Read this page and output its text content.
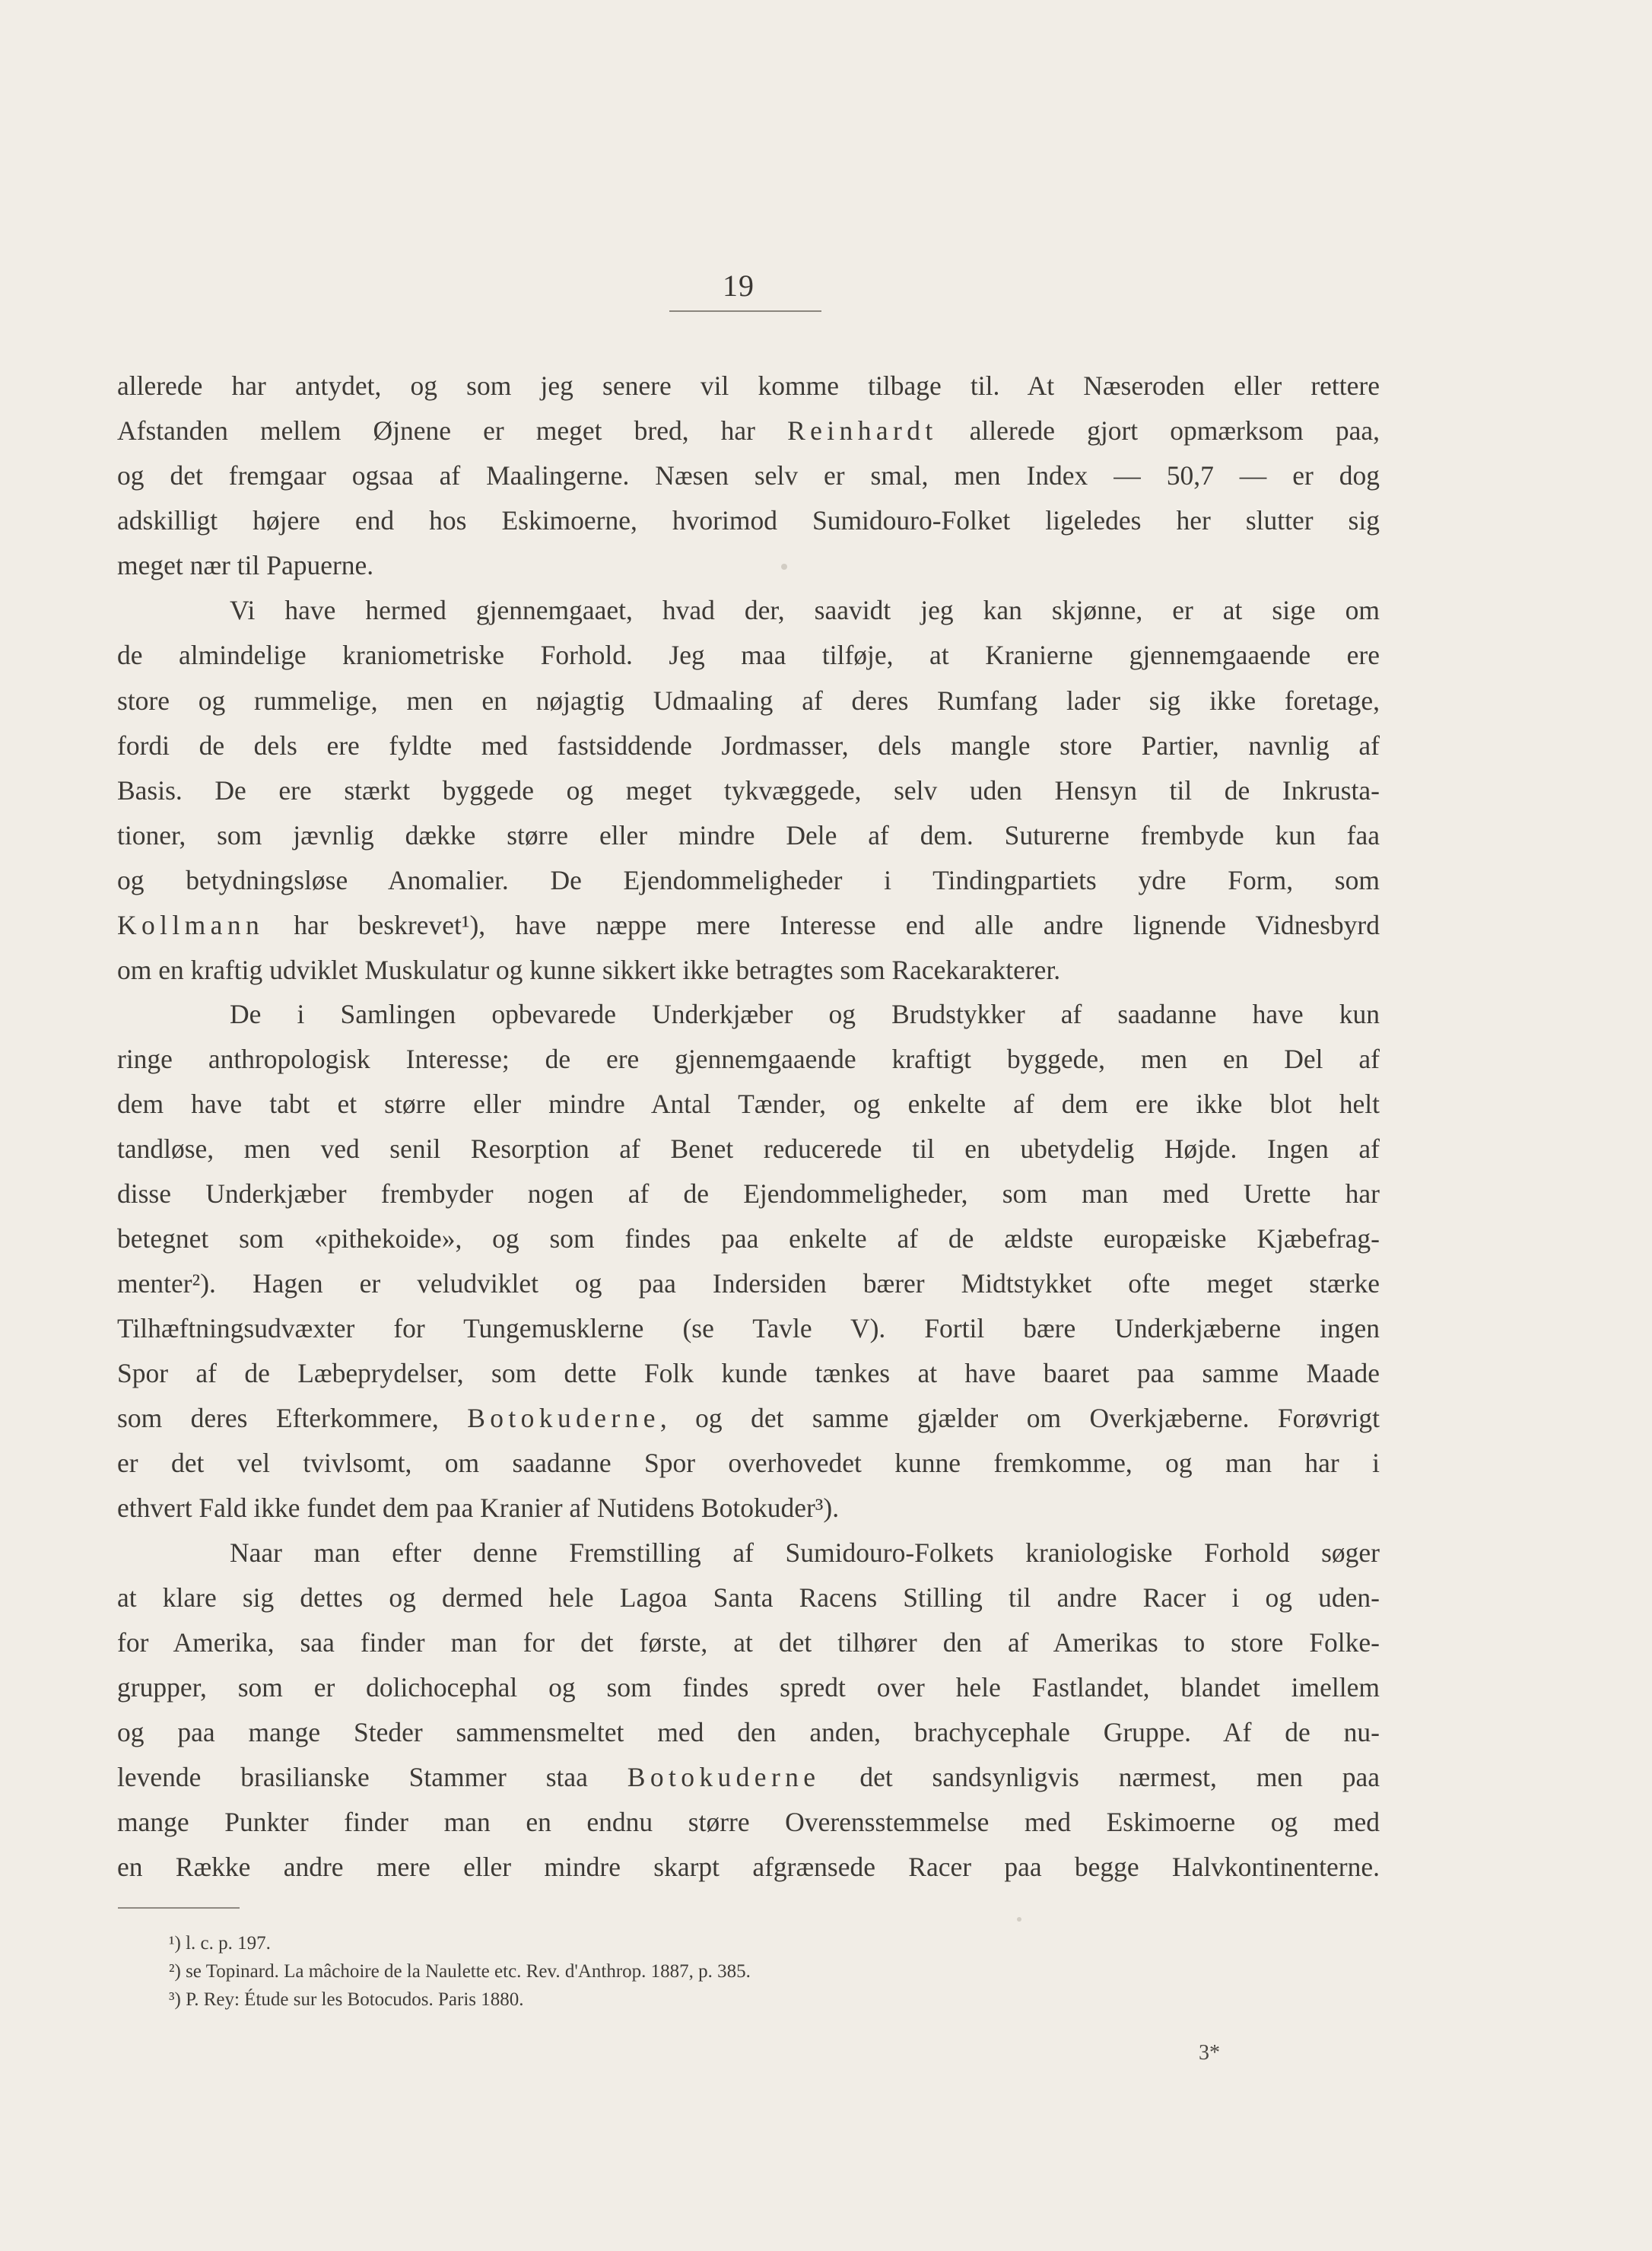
19
allerede har antydet, og som jeg senere vil komme tilbage til. At Næseroden eller rettere
Afstanden mellem Øjnene er meget bred, har Reinhardt allerede gjort opmærksom paa,
og det fremgaar ogsaa af Maalingerne. Næsen selv er smal, men Index — 50,7 — er dog
adskilligt højere end hos Eskimoerne, hvorimod Sumidouro-Folket ligeledes her slutter sig
meget nær til Papuerne.
Vi have hermed gjennemgaaet, hvad der, saavidt jeg kan skjønne, er at sige om
de almindelige kraniometriske Forhold. Jeg maa tilføje, at Kranierne gjennemgaaende ere
store og rummelige, men en nøjagtig Udmaaling af deres Rumfang lader sig ikke foretage,
fordi de dels ere fyldte med fastsiddende Jordmasser, dels mangle store Partier, navnlig af
Basis. De ere stærkt byggede og meget tykvæggede, selv uden Hensyn til de Inkrusta-
tioner, som jævnlig dække større eller mindre Dele af dem. Suturerne frembyde kun faa
og betydningsløse Anomalier. De Ejendommeligheder i Tindingpartiets ydre Form, som
Kollmann har beskrevet¹), have næppe mere Interesse end alle andre lignende Vidnesbyrd
om en kraftig udviklet Muskulatur og kunne sikkert ikke betragtes som Racekarakterer.
De i Samlingen opbevarede Underkjæber og Brudstykker af saadanne have kun
ringe anthropologisk Interesse; de ere gjennemgaaende kraftigt byggede, men en Del af
dem have tabt et større eller mindre Antal Tænder, og enkelte af dem ere ikke blot helt
tandløse, men ved senil Resorption af Benet reducerede til en ubetydelig Højde. Ingen af
disse Underkjæber frembyder nogen af de Ejendommeligheder, som man med Urette har
betegnet som «pithekoide», og som findes paa enkelte af de ældste europæiske Kjæbefrag-
menter²). Hagen er veludviklet og paa Indersiden bærer Midtstykket ofte meget stærke
Tilhæftningsudvæxter for Tungemusklerne (se Tavle V). Fortil bære Underkjæberne ingen
Spor af de Læbeprydelser, som dette Folk kunde tænkes at have baaret paa samme Maade
som deres Efterkommere, Botokuderne, og det samme gjælder om Overkjæberne. Forøvrigt
er det vel tvivlsomt, om saadanne Spor overhovedet kunne fremkomme, og man har i
ethvert Fald ikke fundet dem paa Kranier af Nutidens Botokuder³).
Naar man efter denne Fremstilling af Sumidouro-Folkets kraniologiske Forhold søger
at klare sig dettes og dermed hele Lagoa Santa Racens Stilling til andre Racer i og uden-
for Amerika, saa finder man for det første, at det tilhører den af Amerikas to store Folke-
grupper, som er dolichocephal og som findes spredt over hele Fastlandet, blandet imellem
og paa mange Steder sammensmeltet med den anden, brachycephale Gruppe. Af de nu-
levende brasilianske Stammer staa Botokuderne det sandsynligvis nærmest, men paa
mange Punkter finder man en endnu større Overensstemmelse med Eskimoerne og med
en Række andre mere eller mindre skarpt afgrænsede Racer paa begge Halvkontinenterne.
¹) l. c. p. 197.
²) se Topinard. La mâchoire de la Naulette etc. Rev. d'Anthrop. 1887, p. 385.
³) P. Rey: Étude sur les Botocudos. Paris 1880.
3*
